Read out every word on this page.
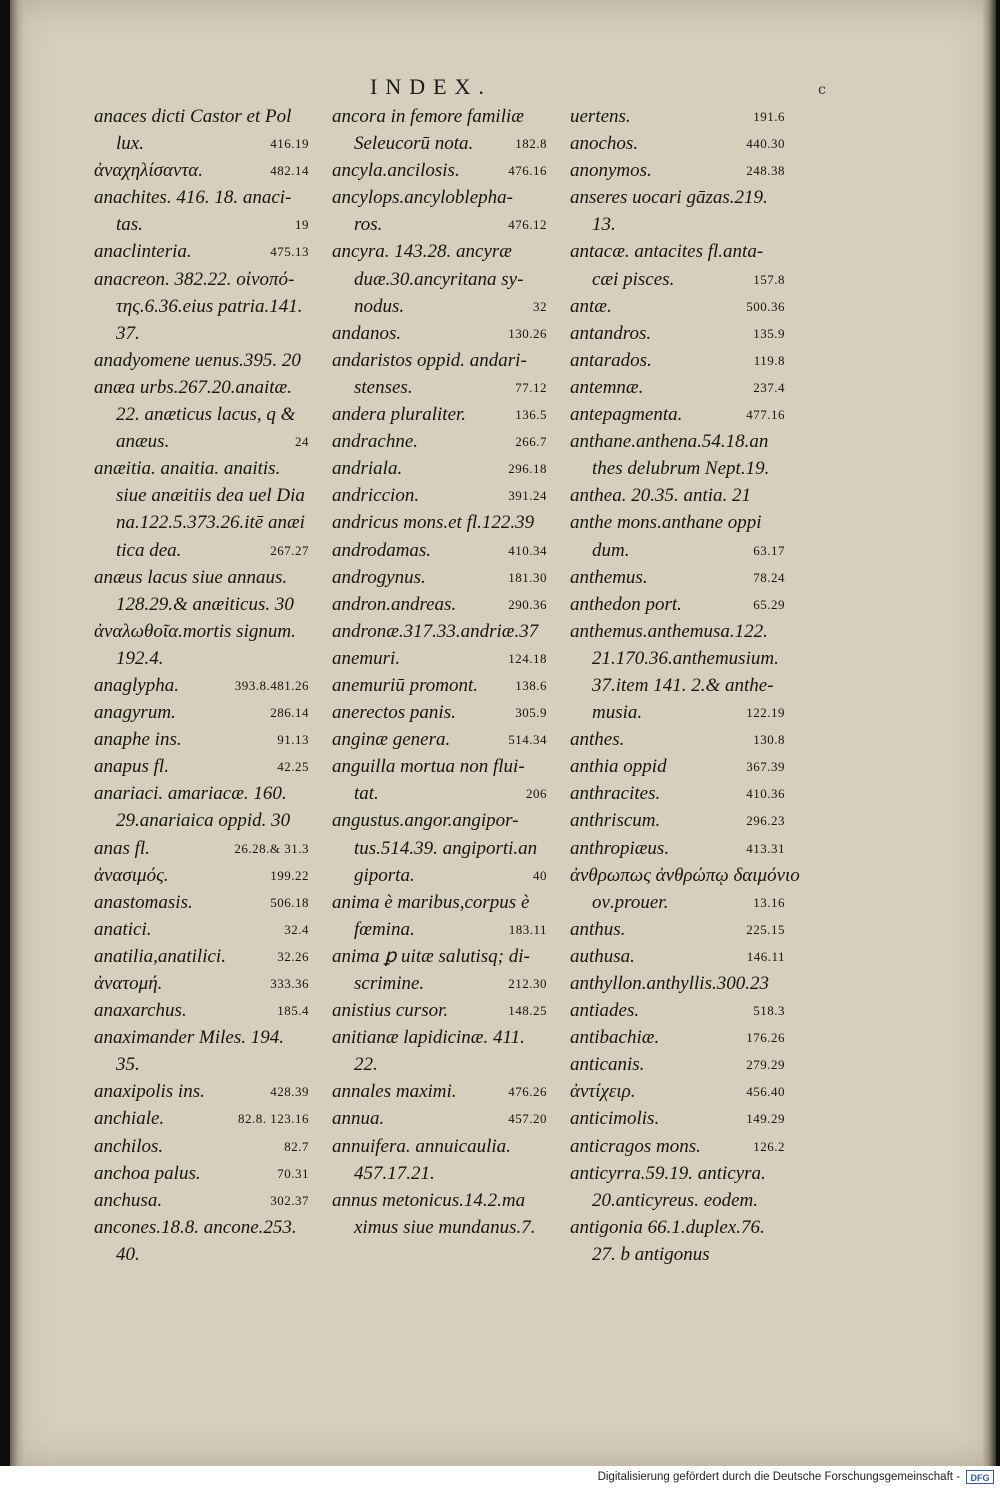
INDEX.	c
anaces dicti Castor et Pol
lux.	416.19
ἀναχηλίσαντα.	482.14
anachites. 416. 18. anaci-
tas.	19
anaclinteria.	475.13
anacreon. 382.22. οἰνοπό-
της.6.36.eius patria.141.
37.
anadyomene uenus.395. 20
anæa urbs.267.20.anaitæ.
22. anæticus lacus, q &
anæus.	24
anæitia. anaitia. anaitis.
siue anæitiis dea uel Dia
na.122.5.373.26.itē anæi
tica dea.	267.27
anæus lacus siue annaus.
128.29.& anæiticus. 30
ἀναλωθοῖα.mortis signum.
192.4.
anaglypha.	393.8.481.26
anagyrum.	286.14
anaphe ins.	91.13
anapus fl.	42.25
anariaci. amariacæ. 160.
29.anariaica oppid. 30
anas fl.	26.28.& 31.3
ἀνασιμός.	199.22
anastomasis.	506.18
anatici.	32.4
anatilia,anatilici.	32.26
ἀνατομή.	333.36
anaxarchus.	185.4
anaximander Miles. 194.
35.
anaxipolis ins.	428.39
anchiale.	82.8. 123.16
anchilos.	82.7
anchoa palus.	70.31
anchusa.	302.37
ancones.18.8. ancone.253.
40.
ancora in femore familiæ
Seleucorū nota.	182.8
ancyla.ancilosis.	476.16
ancylops.ancyloblepha-
ros.	476.12
ancyra. 143.28. ancyræ
duæ.30.ancyritana sy-
nodus.	32
andanos.	130.26
andaristos oppid. andari-
stenses.	77.12
andera pluraliter.	136.5
andrachne.	266.7
andriala.	296.18
andriccion.	391.24
andricus mons.et fl.122.39
androdamas.	410.34
androgynus.	181.30
andron.andreas.	290.36
andronæ.317.33.andriæ.37
anemuri.	124.18
anemuriū promont.	138.6
anerectos panis.	305.9
anginæ genera.	514.34
anguilla mortua non flui-
tat.	206
angustus.angor.angipor-
tus.514.39. angiporti.an
giporta.	40
anima è maribus,corpus è
fœmina.	183.11
anima ꝑ uitæ salutisq; di-
scrimine.	212.30
anistius cursor.	148.25
anitianæ lapidicinæ. 411.
22.
annales maximi.	476.26
annua.	457.20
annuifera. annuicaulia.
457.17.21.
annus metonicus.14.2.ma
ximus siue mundanus.7.
uertens.	191.6
anochos.	440.30
anonymos.	248.38
anseres uocari gāzas.219.
13.
antacæ. antacites fl.anta-
cæi pisces.	157.8
antæ.	500.36
antandros.	135.9
antarados.	119.8
antemnæ.	237.4
antepagmenta.	477.16
anthane.anthena.54.18.an
thes delubrum Nept.19.
anthea. 20.35. antia. 21
anthe mons.anthane oppi
dum.	63.17
anthemus.	78.24
anthedon port.	65.29
anthemus.anthemusa.122.
21.170.36.anthemusium.
37.item 141. 2.& anthe-
musia.	122.19
anthes.	130.8
anthia oppid	367.39
anthracites.	410.36
anthriscum.	296.23
anthropiæus.	413.31
ἀνθρωπως ἀνθρώπῳ δαιμόνιο
ον.prouer.	13.16
anthus.	225.15
authusa.	146.11
anthyllon.anthyllis.300.23
antiades.	518.3
antibachiæ.	176.26
anticanis.	279.29
ἀντίχειρ.	456.40
anticimolis.	149.29
anticragos mons.	126.2
anticyrra.59.19. anticyra.
20.anticyreus. eodem.
antigonia 66.1.duplex.76.
27. b antigonus
Digitalisierung gefördert durch die Deutsche Forschungsgemeinschaft -	DFG
